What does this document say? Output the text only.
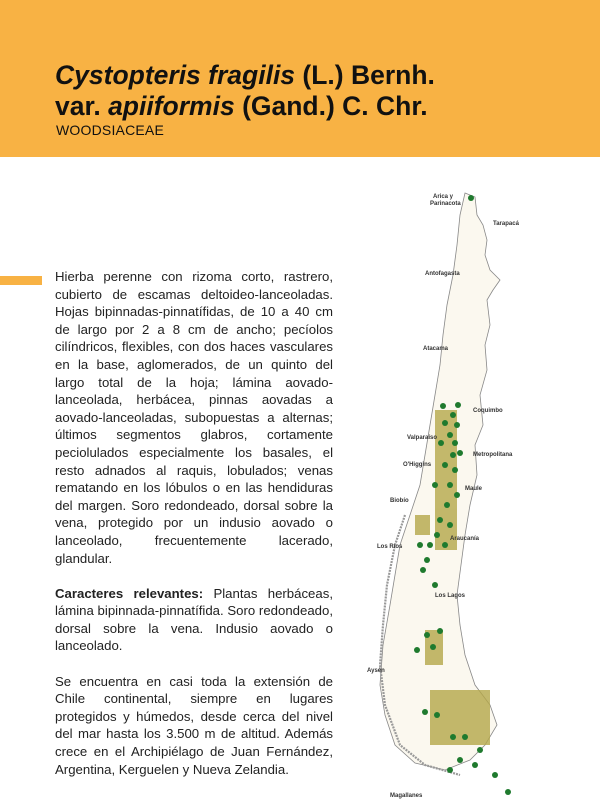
Cystopteris fragilis (L.) Bernh.
var. apiiformis (Gand.) C. Chr.
WOODSIACEAE

Hierba perenne con rizoma corto, rastrero, cubierto de escamas deltoideo-lanceoladas. Hojas bipinnadas-pinnatífidas, de 10 a 40 cm de largo por 2 a 8 cm de ancho; pecíolos cilíndricos, flexibles, con dos haces vasculares en la base, aglomerados, de un quinto del largo total de la hoja; lámina aovado-lanceolada, herbácea, pinnas aovadas a aovado-lanceoladas, subopuestas a alternas; últimos segmentos glabros, cortamente peciolulados especialmente los basales, el resto adnados al raquis, lobulados; venas rematando en los lóbulos o en las hendiduras del margen. Soro redondeado, dorsal sobre la vena, protegido por un indusio aovado o lanceolado, frecuentemente lacerado, glandular.

Caracteres relevantes: Plantas herbáceas, lámina bipinnada-pinnatífida. Soro redondeado, dorsal sobre la vena. Indusio aovado o lanceolado.

Se encuentra en casi toda la extensión de Chile continental, siempre en lugares protegidos y húmedos, desde cerca del nivel del mar hasta los 3.500 m de altitud. Además crece en el Archipiélago de Juan Fernández, Argentina, Kerguelen y Nueva Zelandia.

Arica y
Parinacota
Tarapacá
Antofagasta
Atacama
Coquimbo
Valparaíso
Metropolitana
O'Higgins
Maule
Biobío
Araucanía
Los Ríos
Los Lagos
Aysén
Magallanes
